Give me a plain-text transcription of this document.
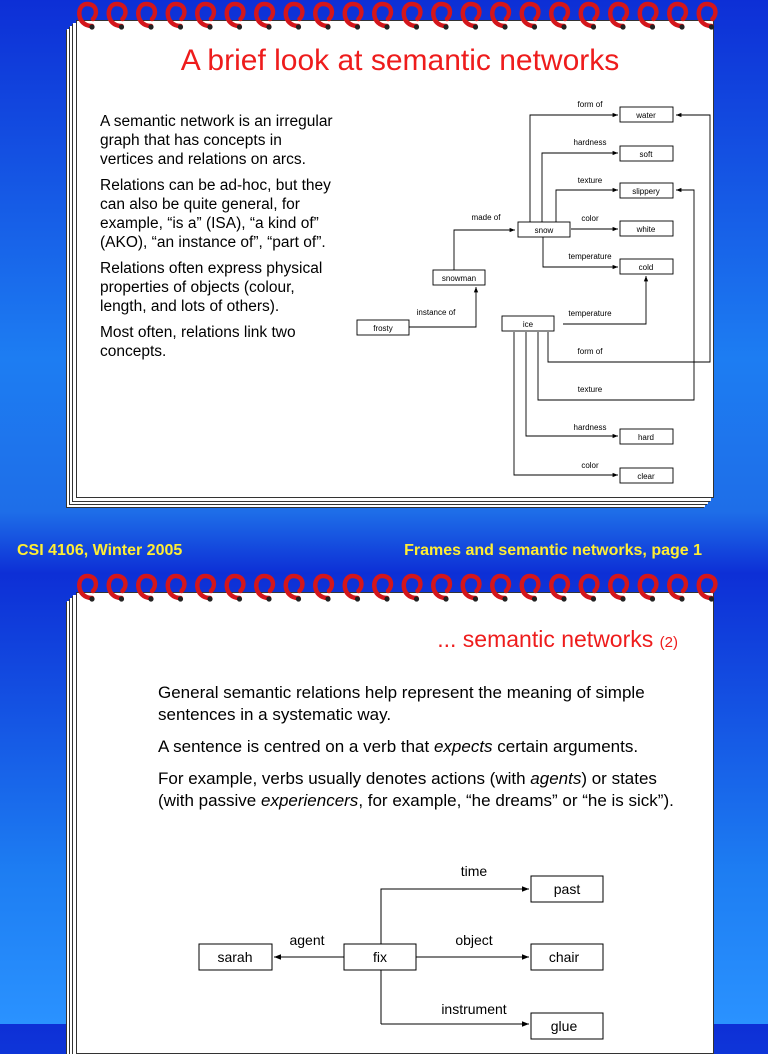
A brief look at semantic networks

A semantic network is an irregular graph that has concepts in vertices and relations on arcs.

Relations can be ad-hoc, but they can also be quite general, for example, “is a” (ISA), “a kind of” (AKO), “an instance of”, “part of”.

Relations often express physical properties of objects (colour, length, and lots of others).

Most often, relations link two concepts.

frosty
snowman
snow
ice
water
soft
slippery
white
cold
hard
clear
instance of
made of
form of
hardness
texture
color
temperature
temperature
form of
texture
hardness
color
CSI 4106, Winter 2005	Frames and semantic networks, page 1
... semantic networks (2)

General semantic relations help represent the meaning of simple sentences in a systematic way.

A sentence is centred on a verb that expects certain arguments.

For example, verbs usually denotes actions (with agents) or states (with passive experiencers, for example, “he dreams” or “he is sick”).

past
sarah	fix	chair
glue
time
agent	object
instrument
